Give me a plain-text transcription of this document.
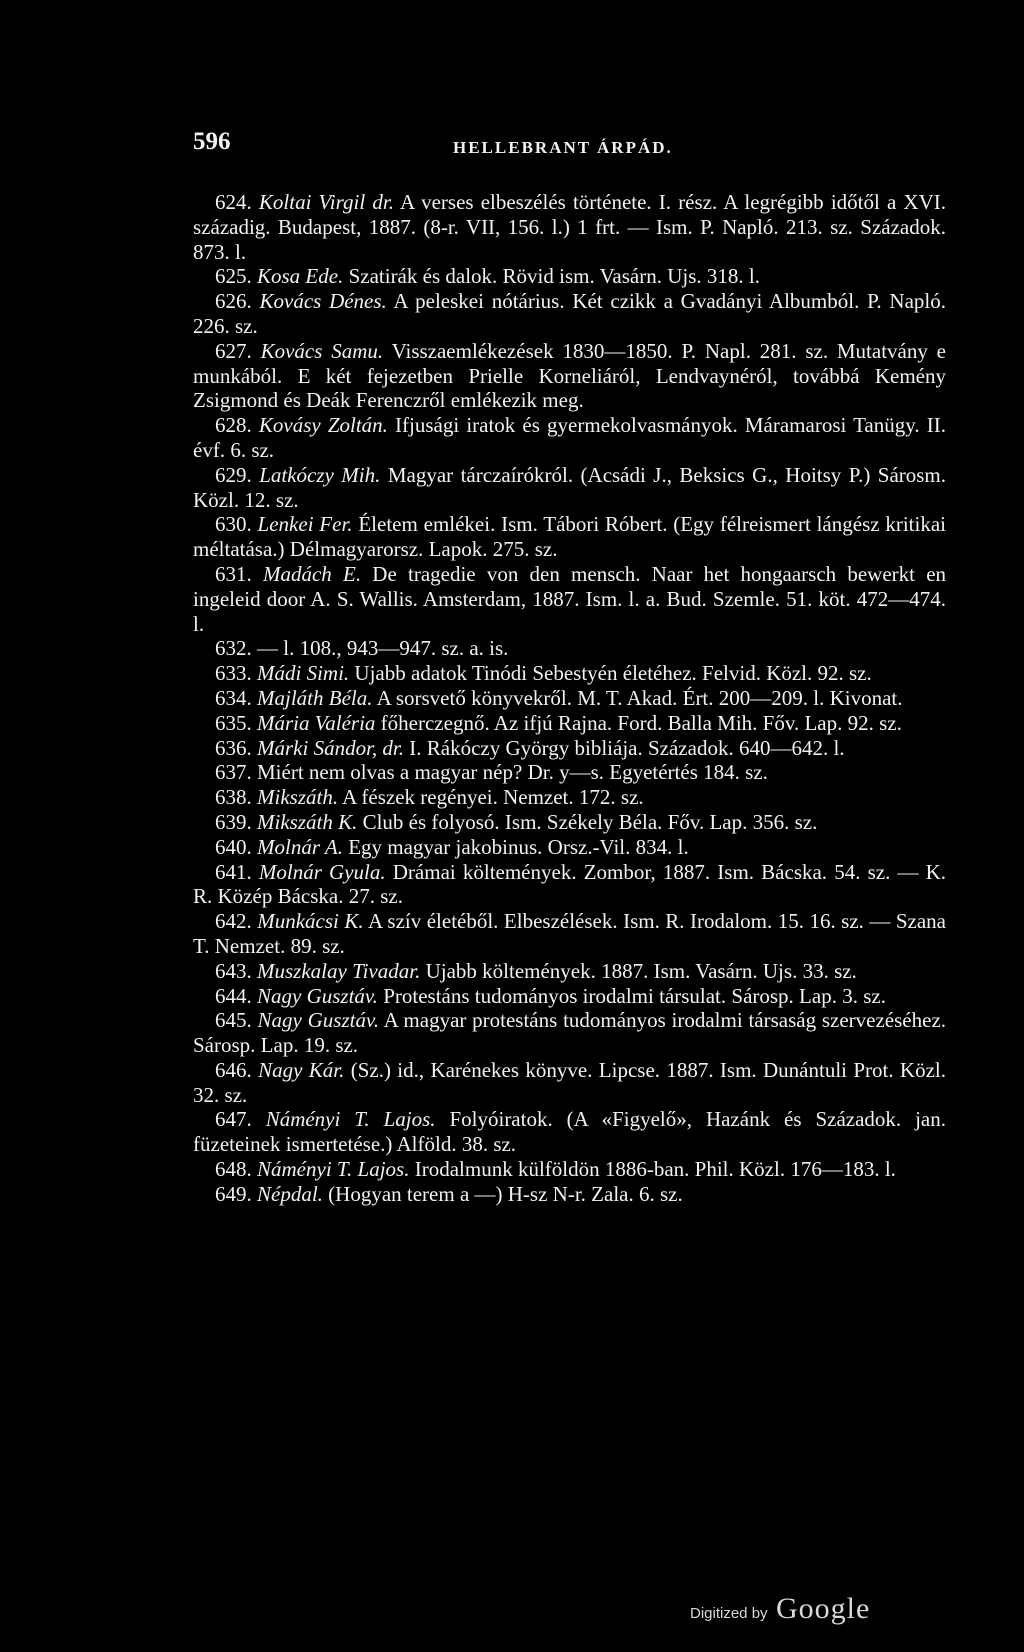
596	HELLEBRANT ÁRPÁD.

624. Koltai Virgil dr. A verses elbeszélés története. I. rész. A legrégibb időtől a XVI. századig. Budapest, 1887. (8-r. VII, 156. l.) 1 frt. — Ism. P. Napló. 213. sz. Századok. 873. l.

625. Kosa Ede. Szatirák és dalok. Rövid ism. Vasárn. Ujs. 318. l.

626. Kovács Dénes. A peleskei nótárius. Két czikk a Gvadányi Albumból. P. Napló. 226. sz.

627. Kovács Samu. Visszaemlékezések 1830—1850. P. Napl. 281. sz. Mutatvány e munkából. E két fejezetben Prielle Korneliáról, Lendvaynéról, továbbá Kemény Zsigmond és Deák Ferenczről emlékezik meg.

628. Kovásy Zoltán. Ifjusági iratok és gyermekolvasmányok. Máramarosi Tanügy. II. évf. 6. sz.

629. Latkóczy Mih. Magyar tárczaírókról. (Acsádi J., Beksics G., Hoitsy P.) Sárosm. Közl. 12. sz.

630. Lenkei Fer. Életem emlékei. Ism. Tábori Róbert. (Egy félreismert lángész kritikai méltatása.) Délmagyarorsz. Lapok. 275. sz.

631. Madách E. De tragedie von den mensch. Naar het hongaarsch bewerkt en ingeleid door A. S. Wallis. Amsterdam, 1887. Ism. l. a. Bud. Szemle. 51. köt. 472—474. l.

632. — l. 108., 943—947. sz. a. is.

633. Mádi Simi. Ujabb adatok Tinódi Sebestyén életéhez. Felvid. Közl. 92. sz.

634. Majláth Béla. A sorsvető könyvekről. M. T. Akad. Ért. 200—209. l. Kivonat.

635. Mária Valéria főherczegnő. Az ifjú Rajna. Ford. Balla Mih. Főv. Lap. 92. sz.

636. Márki Sándor, dr. I. Rákóczy György bibliája. Századok. 640—642. l.

637. Miért nem olvas a magyar nép? Dr. y—s. Egyetértés 184. sz.

638. Mikszáth. A fészek regényei. Nemzet. 172. sz.

639. Mikszáth K. Club és folyosó. Ism. Székely Béla. Főv. Lap. 356. sz.

640. Molnár A. Egy magyar jakobinus. Orsz.-Vil. 834. l.

641. Molnár Gyula. Drámai költemények. Zombor, 1887. Ism. Bácska. 54. sz. — K. R. Közép Bácska. 27. sz.

642. Munkácsi K. A szív életéből. Elbeszélések. Ism. R. Irodalom. 15. 16. sz. — Szana T. Nemzet. 89. sz.

643. Muszkalay Tivadar. Ujabb költemények. 1887. Ism. Vasárn. Ujs. 33. sz.

644. Nagy Gusztáv. Protestáns tudományos irodalmi társulat. Sárosp. Lap. 3. sz.

645. Nagy Gusztáv. A magyar protestáns tudományos irodalmi társaság szervezéséhez. Sárosp. Lap. 19. sz.

646. Nagy Kár. (Sz.) id., Karénekes könyve. Lipcse. 1887. Ism. Dunántuli Prot. Közl. 32. sz.

647. Náményi T. Lajos. Folyóiratok. (A «Figyelő», Hazánk és Századok. jan. füzeteinek ismertetése.) Alföld. 38. sz.

648. Náményi T. Lajos. Irodalmunk külföldön 1886-ban. Phil. Közl. 176—183. l.

649. Népdal. (Hogyan terem a —) H-sz N-r. Zala. 6. sz.

Digitized by Google
